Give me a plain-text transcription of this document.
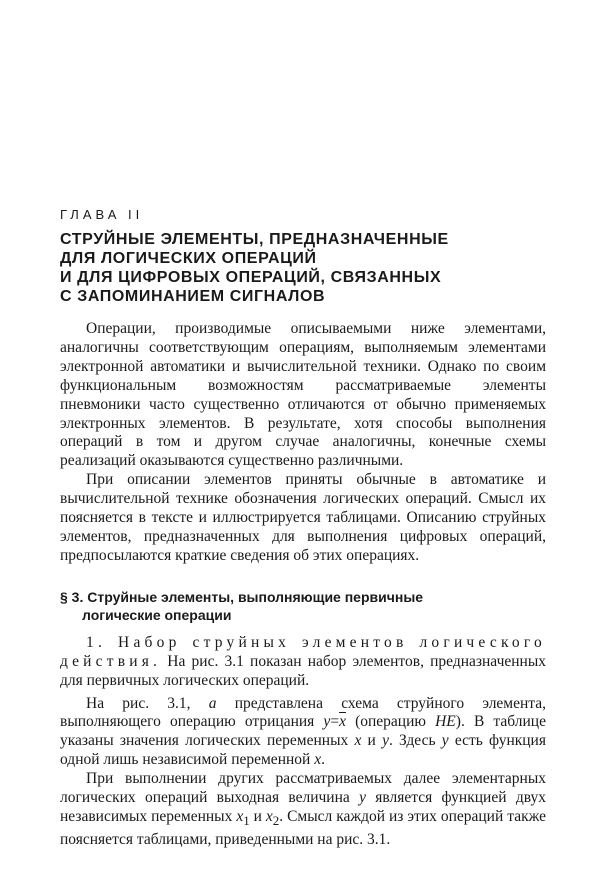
ГЛАВА II
СТРУЙНЫЕ ЭЛЕМЕНТЫ, ПРЕДНАЗНАЧЕННЫЕ
ДЛЯ ЛОГИЧЕСКИХ ОПЕРАЦИЙ
И ДЛЯ ЦИФРОВЫХ ОПЕРАЦИЙ, СВЯЗАННЫХ
С ЗАПОМИНАНИЕМ СИГНАЛОВ

Операции, производимые описываемыми ниже элементами, аналогичны соответствующим операциям, выполняемым элементами электронной автоматики и вычислительной техники. Однако по своим функциональным возможностям рассматриваемые элементы пневмоники часто существенно отличаются от обычно применяемых электронных элементов. В результате, хотя способы выполнения операций в том и другом случае аналогичны, конечные схемы реализаций оказываются существенно различными.

При описании элементов приняты обычные в автоматике и вычислительной технике обозначения логических операций. Смысл их поясняется в тексте и иллюстрируется таблицами. Описанию струйных элементов, предназначенных для выполнения цифровых операций, предпосылаются краткие сведения об этих операциях.

§ 3. Струйные элементы, выполняющие первичные
логические операции

1. Набор струйных элементов логического действия. На рис. 3.1 показан набор элементов, предназначенных для первичных логических операций.

На рис. 3.1, а представлена схема струйного элемента, выполняющего операцию отрицания $y=\overline{x}$ (операцию НЕ). В таблице указаны значения логических переменных x и y. Здесь y есть функция одной лишь независимой переменной x.

При выполнении других рассматриваемых далее элементарных логических операций выходная величина y является функцией двух независимых переменных $x_1$ и $x_2$. Смысл каждой из этих операций также поясняется таблицами, приведенными на рис. 3.1.
